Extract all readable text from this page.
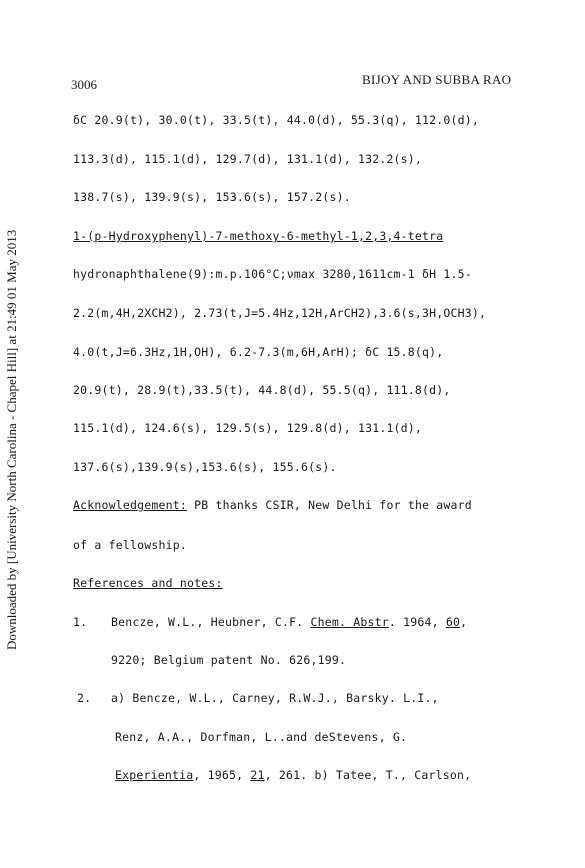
Downloaded by [University North Carolina - Chapel Hill] at 21:49 01 May 2013
3006	BIJOY AND SUBBA RAO
δC 20.9(t), 30.0(t), 33.5(t), 44.0(d), 55.3(q), 112.0(d),
113.3(d), 115.1(d), 129.7(d), 131.1(d), 132.2(s),
138.7(s), 139.9(s), 153.6(s), 157.2(s).
1-(p-Hydroxyphenyl)-7-methoxy-6-methyl-1,2,3,4-tetra
hydronaphthalene(9):m.p.106°C;νmax 3280,1611cm-1 δH 1.5-
2.2(m,4H,2XCH2), 2.73(t,J=5.4Hz,12H,ArCH2),3.6(s,3H,OCH3),
4.0(t,J=6.3Hz,1H,OH), 6.2-7.3(m,6H,ArH); δC 15.8(q),
20.9(t), 28.9(t),33.5(t), 44.8(d), 55.5(q), 111.8(d),
115.1(d), 124.6(s), 129.5(s), 129.8(d), 131.1(d),
137.6(s),139.9(s),153.6(s), 155.6(s).
Acknowledgement: PB thanks CSIR, New Delhi for the award
of a fellowship.
References and notes:
1. Bencze, W.L., Heubner, C.F. Chem. Abstr. 1964, 60,
9220; Belgium patent No. 626,199.
2. a) Bencze, W.L., Carney, R.W.J., Barsky. L.I.,
Renz, A.A., Dorfman, L..and deStevens, G.
Experientia, 1965, 21, 261. b) Tatee, T., Carlson,
